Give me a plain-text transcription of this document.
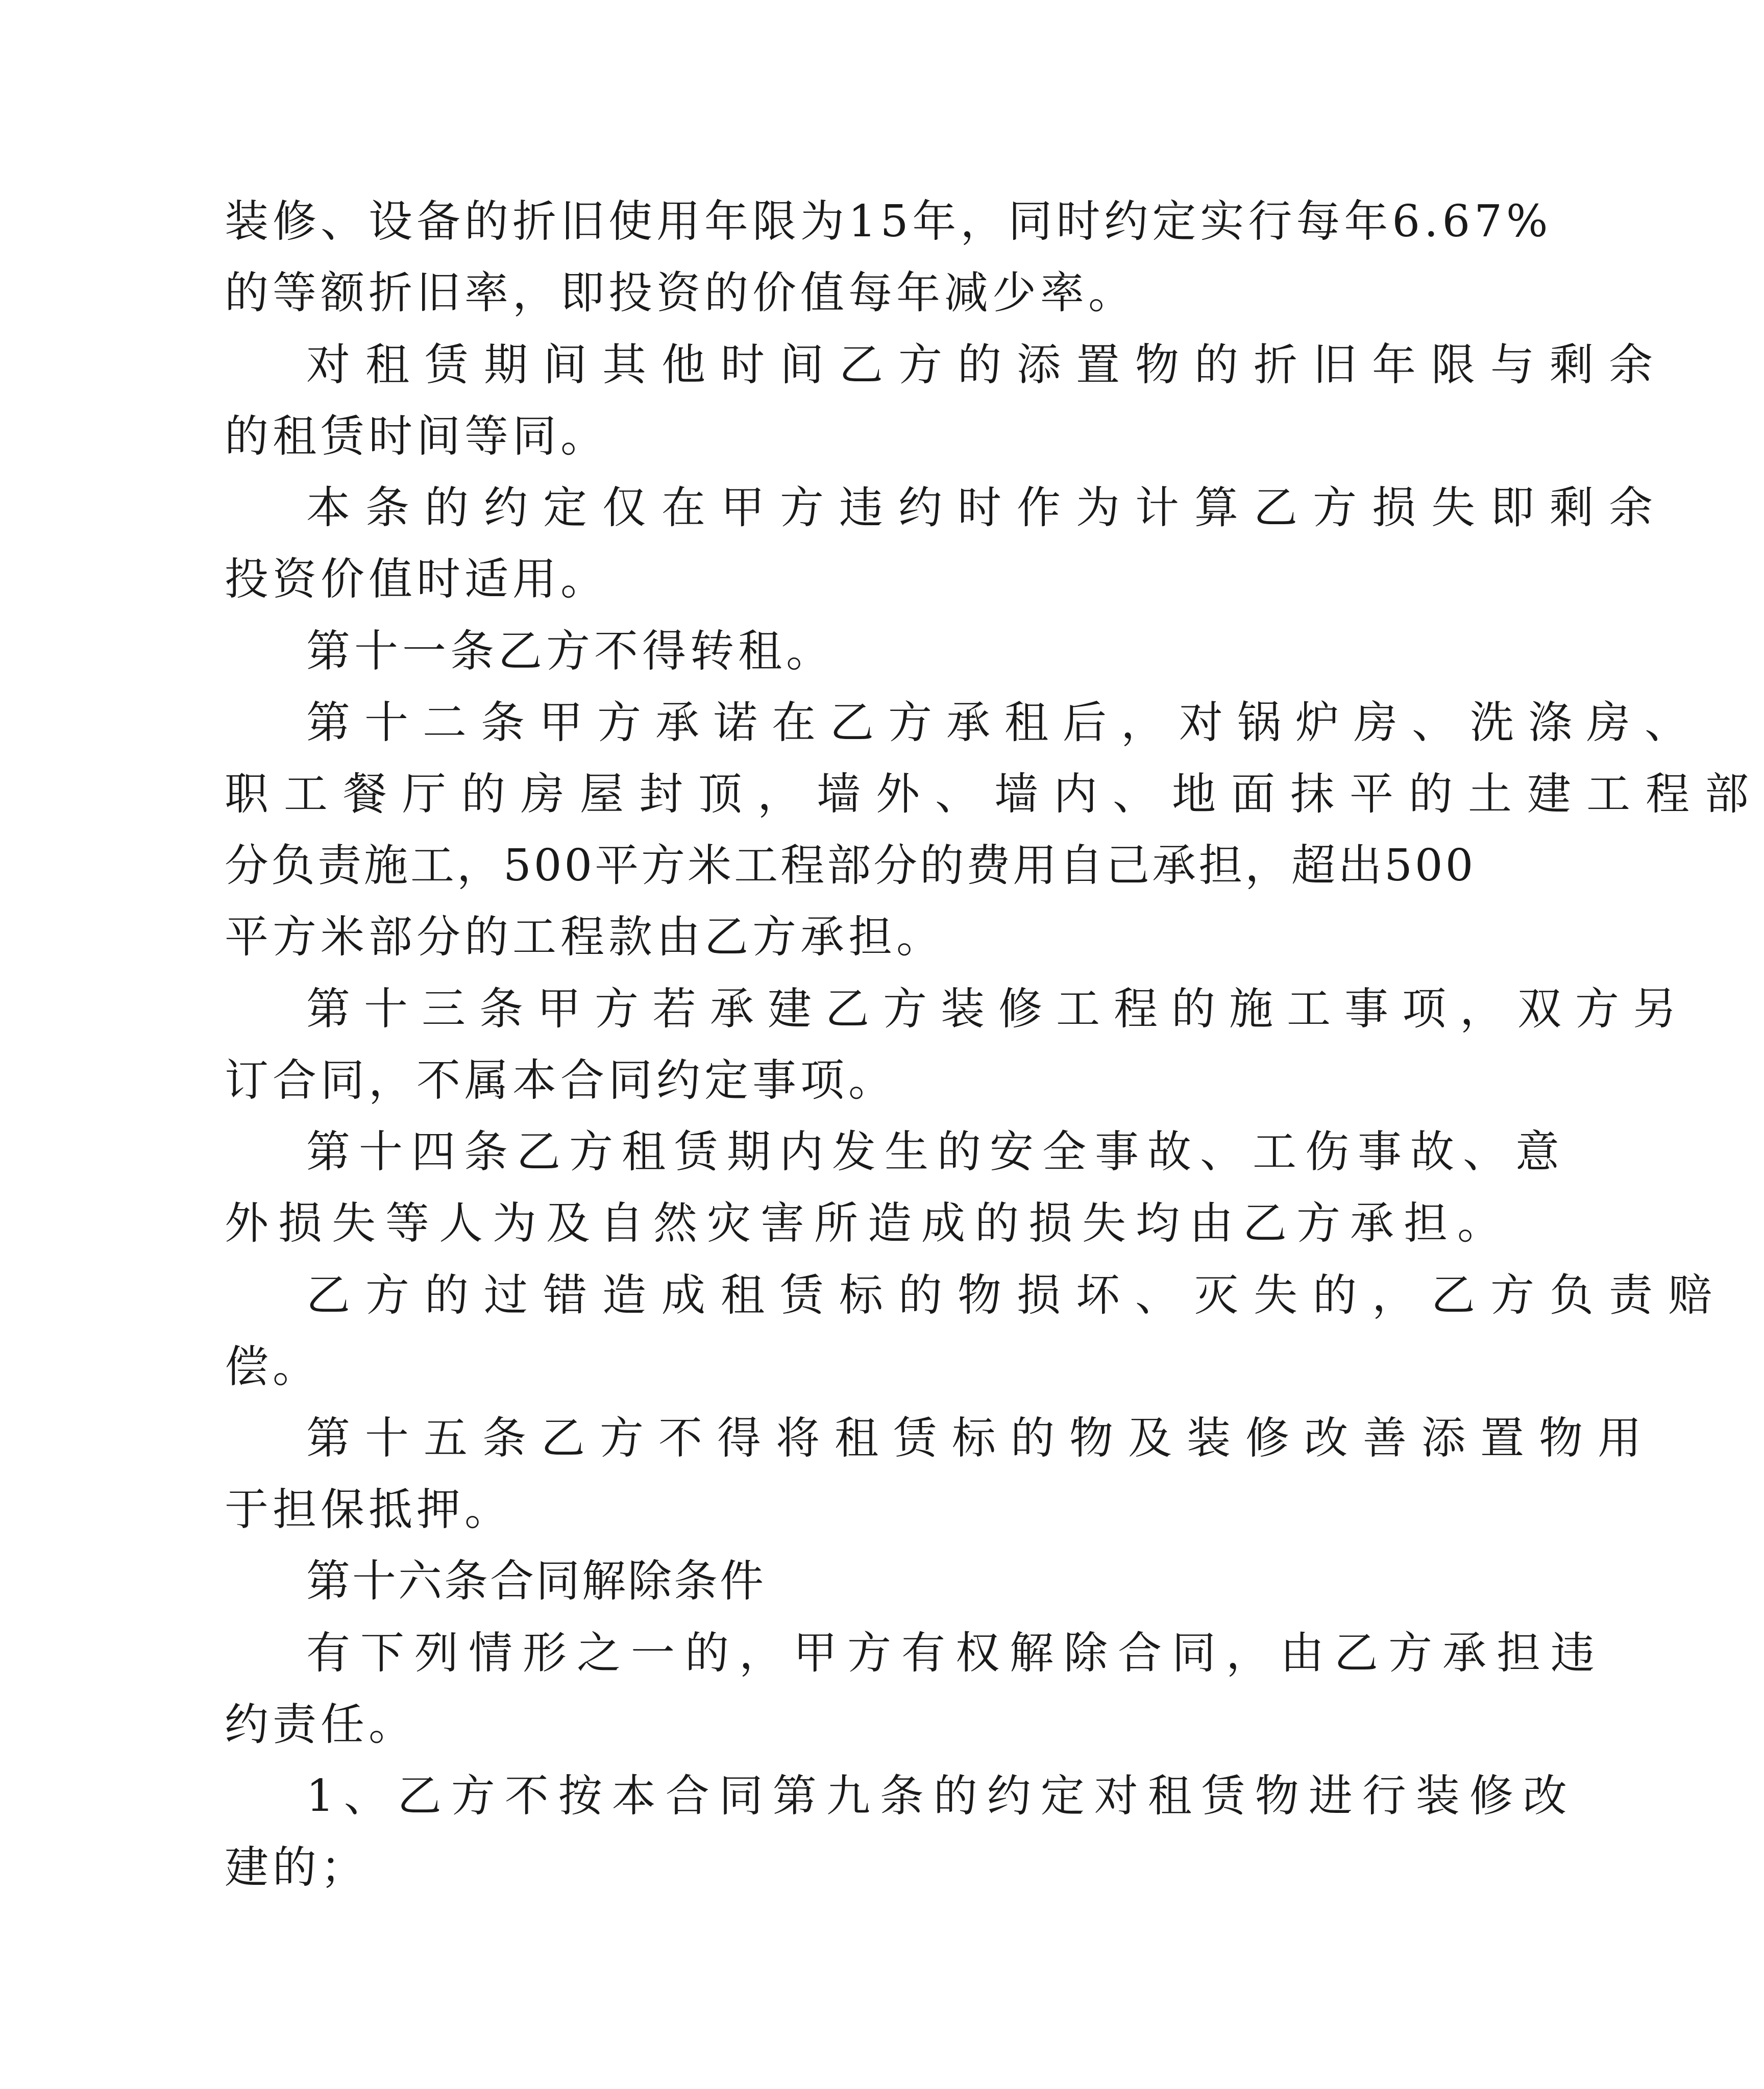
装修、设备的折旧使用年限为15年，同时约定实行每年6.67%
的等额折旧率，即投资的价值每年减少率。
对租赁期间其他时间乙方的添置物的折旧年限与剩余
的租赁时间等同。
本条的约定仅在甲方违约时作为计算乙方损失即剩余
投资价值时适用。
第十一条乙方不得转租。
第十二条甲方承诺在乙方承租后，对锅炉房、洗涤房、
职工餐厅的房屋封顶，墙外、墙内、地面抹平的土建工程部
分负责施工，500平方米工程部分的费用自己承担，超出500
平方米部分的工程款由乙方承担。
第十三条甲方若承建乙方装修工程的施工事项，双方另
订合同，不属本合同约定事项。
第十四条乙方租赁期内发生的安全事故、工伤事故、意
外损失等人为及自然灾害所造成的损失均由乙方承担。
乙方的过错造成租赁标的物损坏、灭失的，乙方负责赔
偿。
第十五条乙方不得将租赁标的物及装修改善添置物用
于担保抵押。
第十六条合同解除条件
有下列情形之一的，甲方有权解除合同，由乙方承担违
约责任。
1、乙方不按本合同第九条的约定对租赁物进行装修改
建的；
